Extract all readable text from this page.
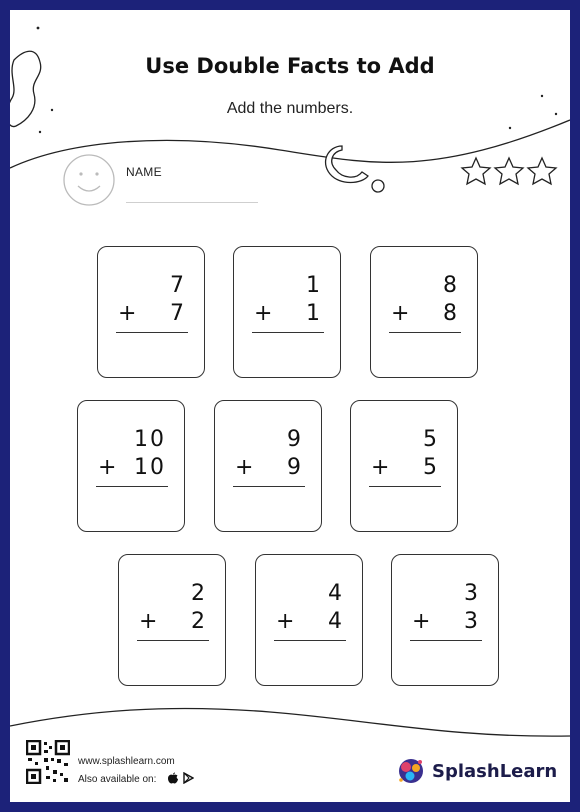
Use Double Facts to Add
Add the numbers.
NAME
7
+ 7
1
+ 1
8
+ 8
10
+ 10
9
+ 9
5
+ 5
2
+ 2
4
+ 4
3
+ 3
www.splashlearn.com
Also available on:	SplashLearn
